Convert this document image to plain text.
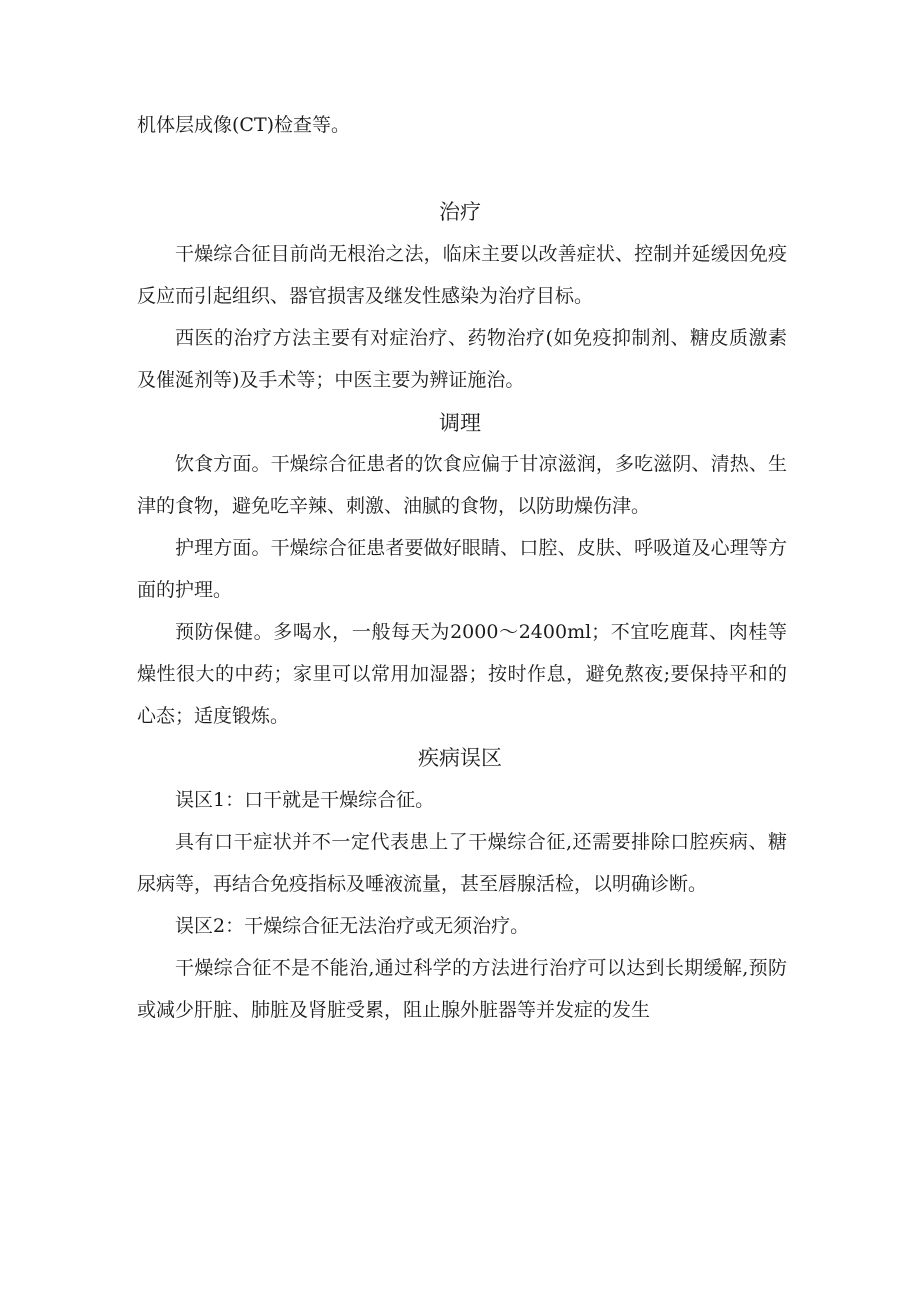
机体层成像(CT)检查等。

治疗

干燥综合征目前尚无根治之法，临床主要以改善症状、控制并延缓因免疫反应而引起组织、器官损害及继发性感染为治疗目标。

西医的治疗方法主要有对症治疗、药物治疗(如免疫抑制剂、糖皮质激素及催涎剂等)及手术等；中医主要为辨证施治。

调理

饮食方面。干燥综合征患者的饮食应偏于甘凉滋润，多吃滋阴、清热、生津的食物，避免吃辛辣、刺激、油腻的食物，以防助燥伤津。

护理方面。干燥综合征患者要做好眼睛、口腔、皮肤、呼吸道及心理等方面的护理。

预防保健。多喝水，一般每天为2000～2400ml；不宜吃鹿茸、肉桂等燥性很大的中药；家里可以常用加湿器；按时作息，避免熬夜;要保持平和的心态；适度锻炼。

疾病误区

误区1：口干就是干燥综合征。

具有口干症状并不一定代表患上了干燥综合征,还需要排除口腔疾病、糖尿病等，再结合免疫指标及唾液流量，甚至唇腺活检，以明确诊断。

误区2：干燥综合征无法治疗或无须治疗。

干燥综合征不是不能治,通过科学的方法进行治疗可以达到长期缓解,预防或减少肝脏、肺脏及肾脏受累，阻止腺外脏器等并发症的发生
